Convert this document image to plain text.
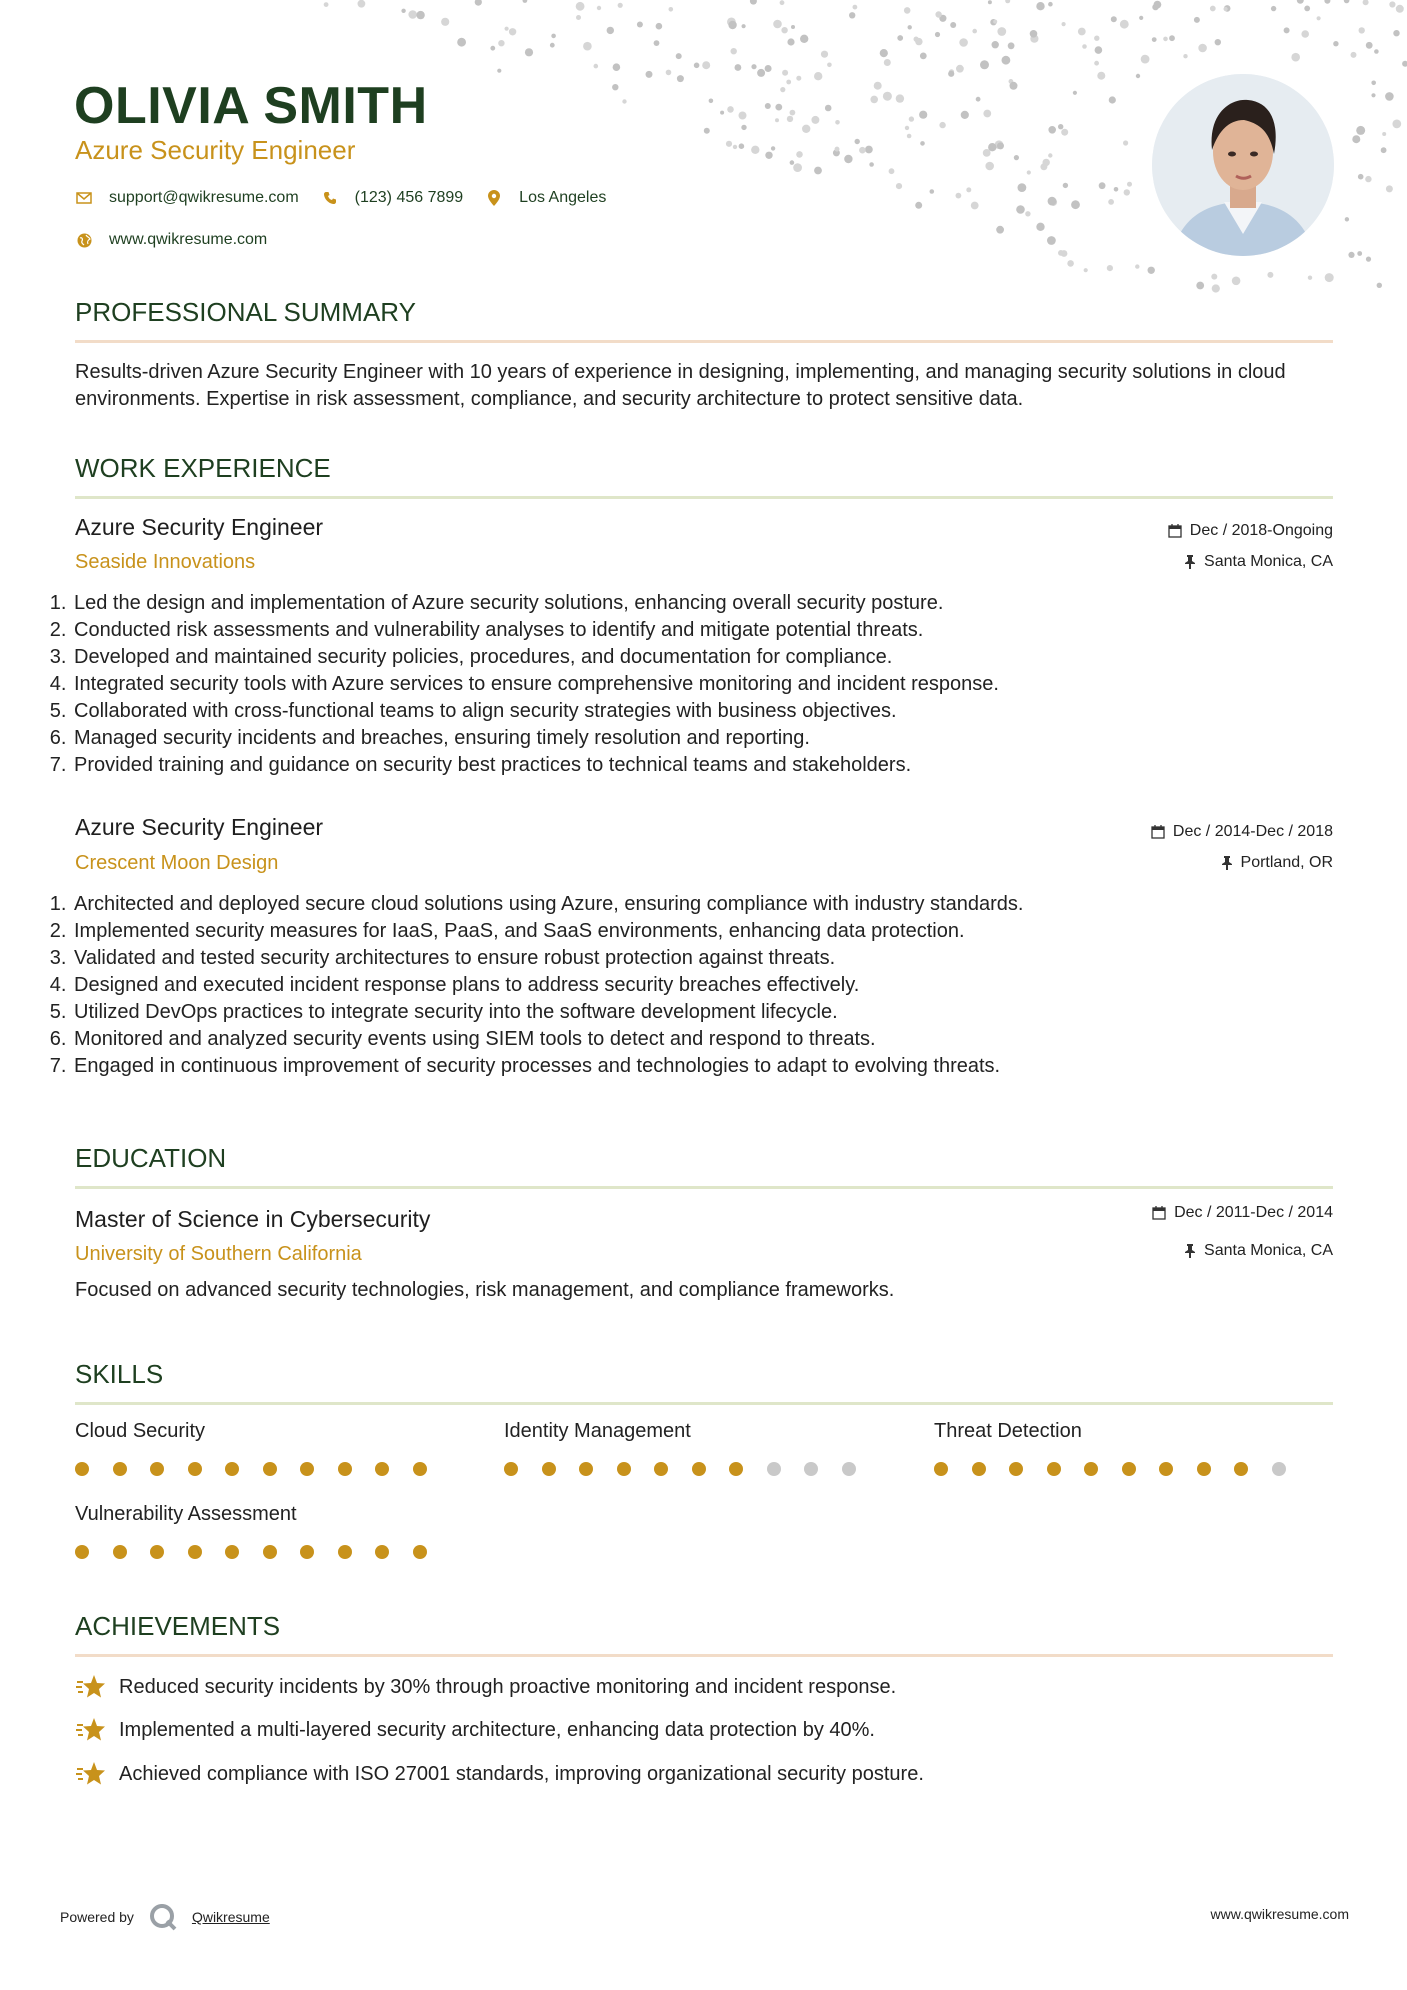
OLIVIA SMITH
Azure Security Engineer
support@qwikresume.com	(123) 456 7899	Los Angeles
www.qwikresume.com
PROFESSIONAL SUMMARY
Results-driven Azure Security Engineer with 10 years of experience in designing, implementing, and managing security solutions in cloud environments. Expertise in risk assessment, compliance, and security architecture to protect sensitive data.
WORK EXPERIENCE
Azure Security Engineer
Seaside Innovations
Dec / 2018-Ongoing
Santa Monica, CA
1. Led the design and implementation of Azure security solutions, enhancing overall security posture.
2. Conducted risk assessments and vulnerability analyses to identify and mitigate potential threats.
3. Developed and maintained security policies, procedures, and documentation for compliance.
4. Integrated security tools with Azure services to ensure comprehensive monitoring and incident response.
5. Collaborated with cross-functional teams to align security strategies with business objectives.
6. Managed security incidents and breaches, ensuring timely resolution and reporting.
7. Provided training and guidance on security best practices to technical teams and stakeholders.
Azure Security Engineer
Crescent Moon Design
Dec / 2014-Dec / 2018
Portland, OR
1. Architected and deployed secure cloud solutions using Azure, ensuring compliance with industry standards.
2. Implemented security measures for IaaS, PaaS, and SaaS environments, enhancing data protection.
3. Validated and tested security architectures to ensure robust protection against threats.
4. Designed and executed incident response plans to address security breaches effectively.
5. Utilized DevOps practices to integrate security into the software development lifecycle.
6. Monitored and analyzed security events using SIEM tools to detect and respond to threats.
7. Engaged in continuous improvement of security processes and technologies to adapt to evolving threats.
EDUCATION
Master of Science in Cybersecurity
University of Southern California
Dec / 2011-Dec / 2014
Santa Monica, CA
Focused on advanced security technologies, risk management, and compliance frameworks.
SKILLS
Cloud Security	Identity Management	Threat Detection
Vulnerability Assessment
ACHIEVEMENTS
Reduced security incidents by 30% through proactive monitoring and incident response.
Implemented a multi-layered security architecture, enhancing data protection by 40%.
Achieved compliance with ISO 27001 standards, improving organizational security posture.
Powered by	Qwikresume	www.qwikresume.com
